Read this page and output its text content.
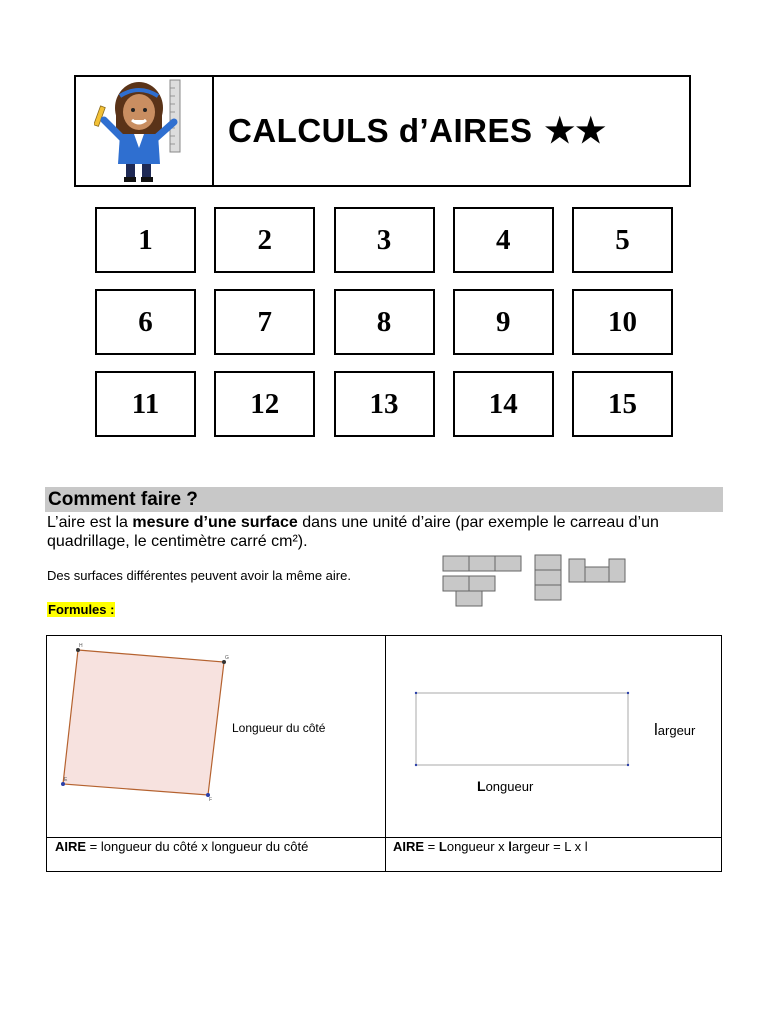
CALCULS d’AIRES ★★
1	2	3	4	5
6	7	8	9	10
11	12	13	14	15
Comment faire ?
L’aire est la mesure d’une surface dans une unité d’aire (par exemple le carreau d’un quadrillage, le centimètre carré cm²).
Des surfaces différentes peuvent avoir la même aire.
Formules :
H
G
E
F
Longueur du côté	largeur
Longueur
AIRE = longueur du côté x longueur du côté	AIRE = Longueur x largeur = L x l
